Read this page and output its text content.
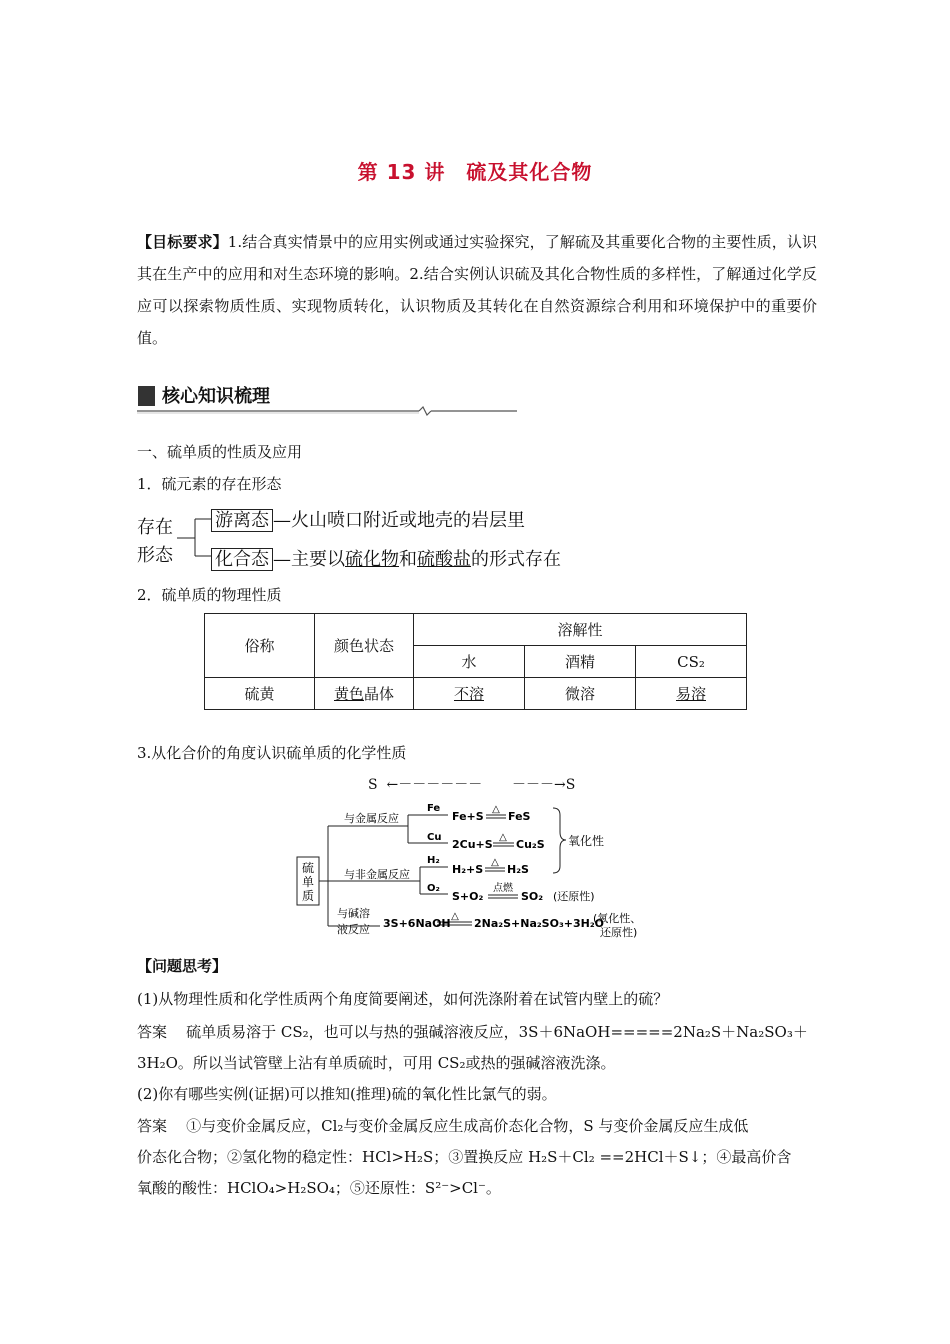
第 13 讲　硫及其化合物
【目标要求】1.结合真实情景中的应用实例或通过实验探究，了解硫及其重要化合物的主要性质，认识其在生产中的应用和对生态环境的影响。2.结合实例认识硫及其化合物性质的多样性，了解通过化学反应可以探索物质性质、实现物质转化，认识物质及其转化在自然资源综合利用和环境保护中的重要价值。
核心知识梳理
一、硫单质的性质及应用
1．硫元素的存在形态
存在
形态
游离态 —火山喷口附近或地壳的岩层里
化合态 —主要以硫化物和硫酸盐的形式存在
2．硫单质的物理性质
俗称	颜色状态	溶解性		
		水	酒精	CS₂
硫黄	黄色晶体	不溶	微溶	易溶
3.从化合价的角度认识硫单质的化学性质
S ←－－－－－－ －－－→S
硫
单
质
与金属反应
与非金属反应
与碱溶
液反应
Fe
Cu
H₂
O₂
Fe+S
△
FeS
2Cu+S
△
Cu₂S
H₂+S
△
H₂S
S+O₂
点燃
SO₂ (还原性)
氧化性
3S+6NaOH
△
2Na₂S+Na₂SO₃+3H₂O
(氧化性、
还原性)
【问题思考】
(1)从物理性质和化学性质两个角度简要阐述，如何洗涤附着在试管内壁上的硫？
答案 硫单质易溶于 CS₂，也可以与热的强碱溶液反应，3S＋6NaOH=====2Na₂S＋Na₂SO₃＋
3H₂O。所以当试管壁上沾有单质硫时，可用 CS₂或热的强碱溶液洗涤。
(2)你有哪些实例(证据)可以推知(推理)硫的氧化性比氯气的弱。
答案 ①与变价金属反应，Cl₂与变价金属反应生成高价态化合物，S 与变价金属反应生成低
价态化合物；②氢化物的稳定性：HCl>H₂S；③置换反应 H₂S＋Cl₂ ==2HCl＋S↓；④最高价含
氧酸的酸性：HClO₄>H₂SO₄；⑤还原性：S²⁻>Cl⁻。
